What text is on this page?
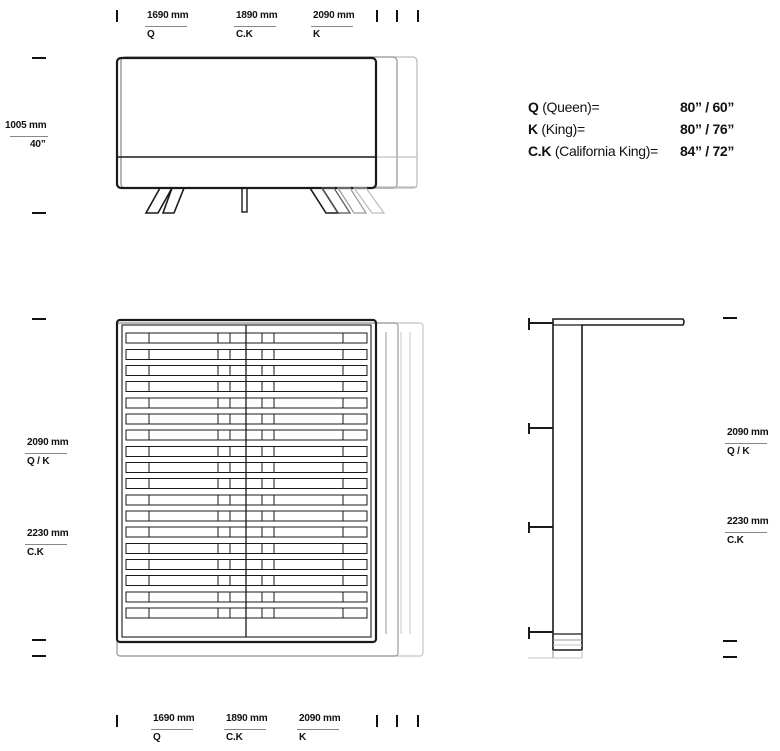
1690 mm
Q
1890 mm
C.K
2090 mm
K
1690 mm
Q
1890 mm
C.K
2090 mm
K
1005 mm
40”
2090 mm
Q / K
2230 mm
C.K
2090 mm
Q / K
2230 mm
C.K
Q (Queen)=	80” / 60”
K (King)=	80” / 76”
C.K (California King)= 84” / 72”
